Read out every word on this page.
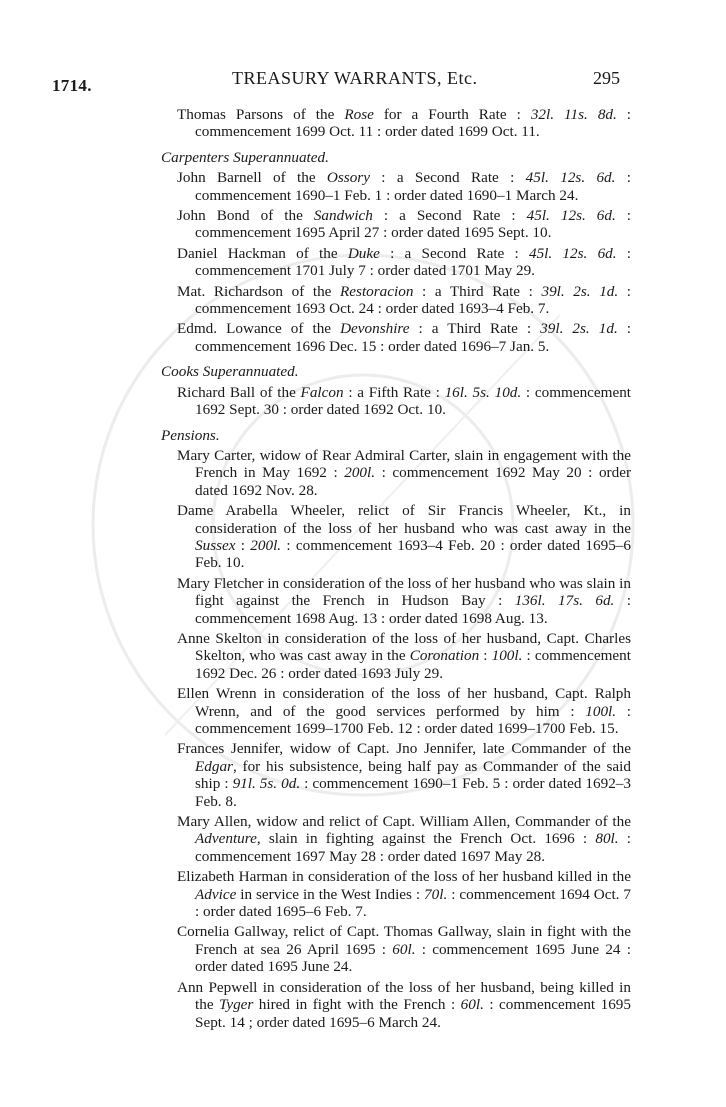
1714.	TREASURY WARRANTS, Etc.	295
Thomas Parsons of the Rose for a Fourth Rate : 32l. 11s. 8d. : commencement 1699 Oct. 11 : order dated 1699 Oct. 11.
Carpenters Superannuated.
John Barnell of the Ossory : a Second Rate : 45l. 12s. 6d. : commencement 1690–1 Feb. 1 : order dated 1690–1 March 24.
John Bond of the Sandwich : a Second Rate : 45l. 12s. 6d. : commencement 1695 April 27 : order dated 1695 Sept. 10.
Daniel Hackman of the Duke : a Second Rate : 45l. 12s. 6d. : commencement 1701 July 7 : order dated 1701 May 29.
Mat. Richardson of the Restoracion : a Third Rate : 39l. 2s. 1d. : commencement 1693 Oct. 24 : order dated 1693–4 Feb. 7.
Edmd. Lowance of the Devonshire : a Third Rate : 39l. 2s. 1d. : commencement 1696 Dec. 15 : order dated 1696–7 Jan. 5.
Cooks Superannuated.
Richard Ball of the Falcon : a Fifth Rate : 16l. 5s. 10d. : commencement 1692 Sept. 30 : order dated 1692 Oct. 10.
Pensions.
Mary Carter, widow of Rear Admiral Carter, slain in engagement with the French in May 1692 : 200l. : commencement 1692 May 20 : order dated 1692 Nov. 28.
Dame Arabella Wheeler, relict of Sir Francis Wheeler, Kt., in consideration of the loss of her husband who was cast away in the Sussex : 200l. : commencement 1693–4 Feb. 20 : order dated 1695–6 Feb. 10.
Mary Fletcher in consideration of the loss of her husband who was slain in fight against the French in Hudson Bay : 136l. 17s. 6d. : commencement 1698 Aug. 13 : order dated 1698 Aug. 13.
Anne Skelton in consideration of the loss of her husband, Capt. Charles Skelton, who was cast away in the Coronation : 100l. : commencement 1692 Dec. 26 : order dated 1693 July 29.
Ellen Wrenn in consideration of the loss of her husband, Capt. Ralph Wrenn, and of the good services performed by him : 100l. : commencement 1699–1700 Feb. 12 : order dated 1699–1700 Feb. 15.
Frances Jennifer, widow of Capt. Jno Jennifer, late Commander of the Edgar, for his subsistence, being half pay as Commander of the said ship : 91l. 5s. 0d. : commencement 1690–1 Feb. 5 : order dated 1692–3 Feb. 8.
Mary Allen, widow and relict of Capt. William Allen, Commander of the Adventure, slain in fighting against the French Oct. 1696 : 80l. : commencement 1697 May 28 : order dated 1697 May 28.
Elizabeth Harman in consideration of the loss of her husband killed in the Advice in service in the West Indies : 70l. : commencement 1694 Oct. 7 : order dated 1695–6 Feb. 7.
Cornelia Gallway, relict of Capt. Thomas Gallway, slain in fight with the French at sea 26 April 1695 : 60l. : commencement 1695 June 24 : order dated 1695 June 24.
Ann Pepwell in consideration of the loss of her husband, being killed in the Tyger hired in fight with the French : 60l. : commencement 1695 Sept. 14 ; order dated 1695–6 March 24.
